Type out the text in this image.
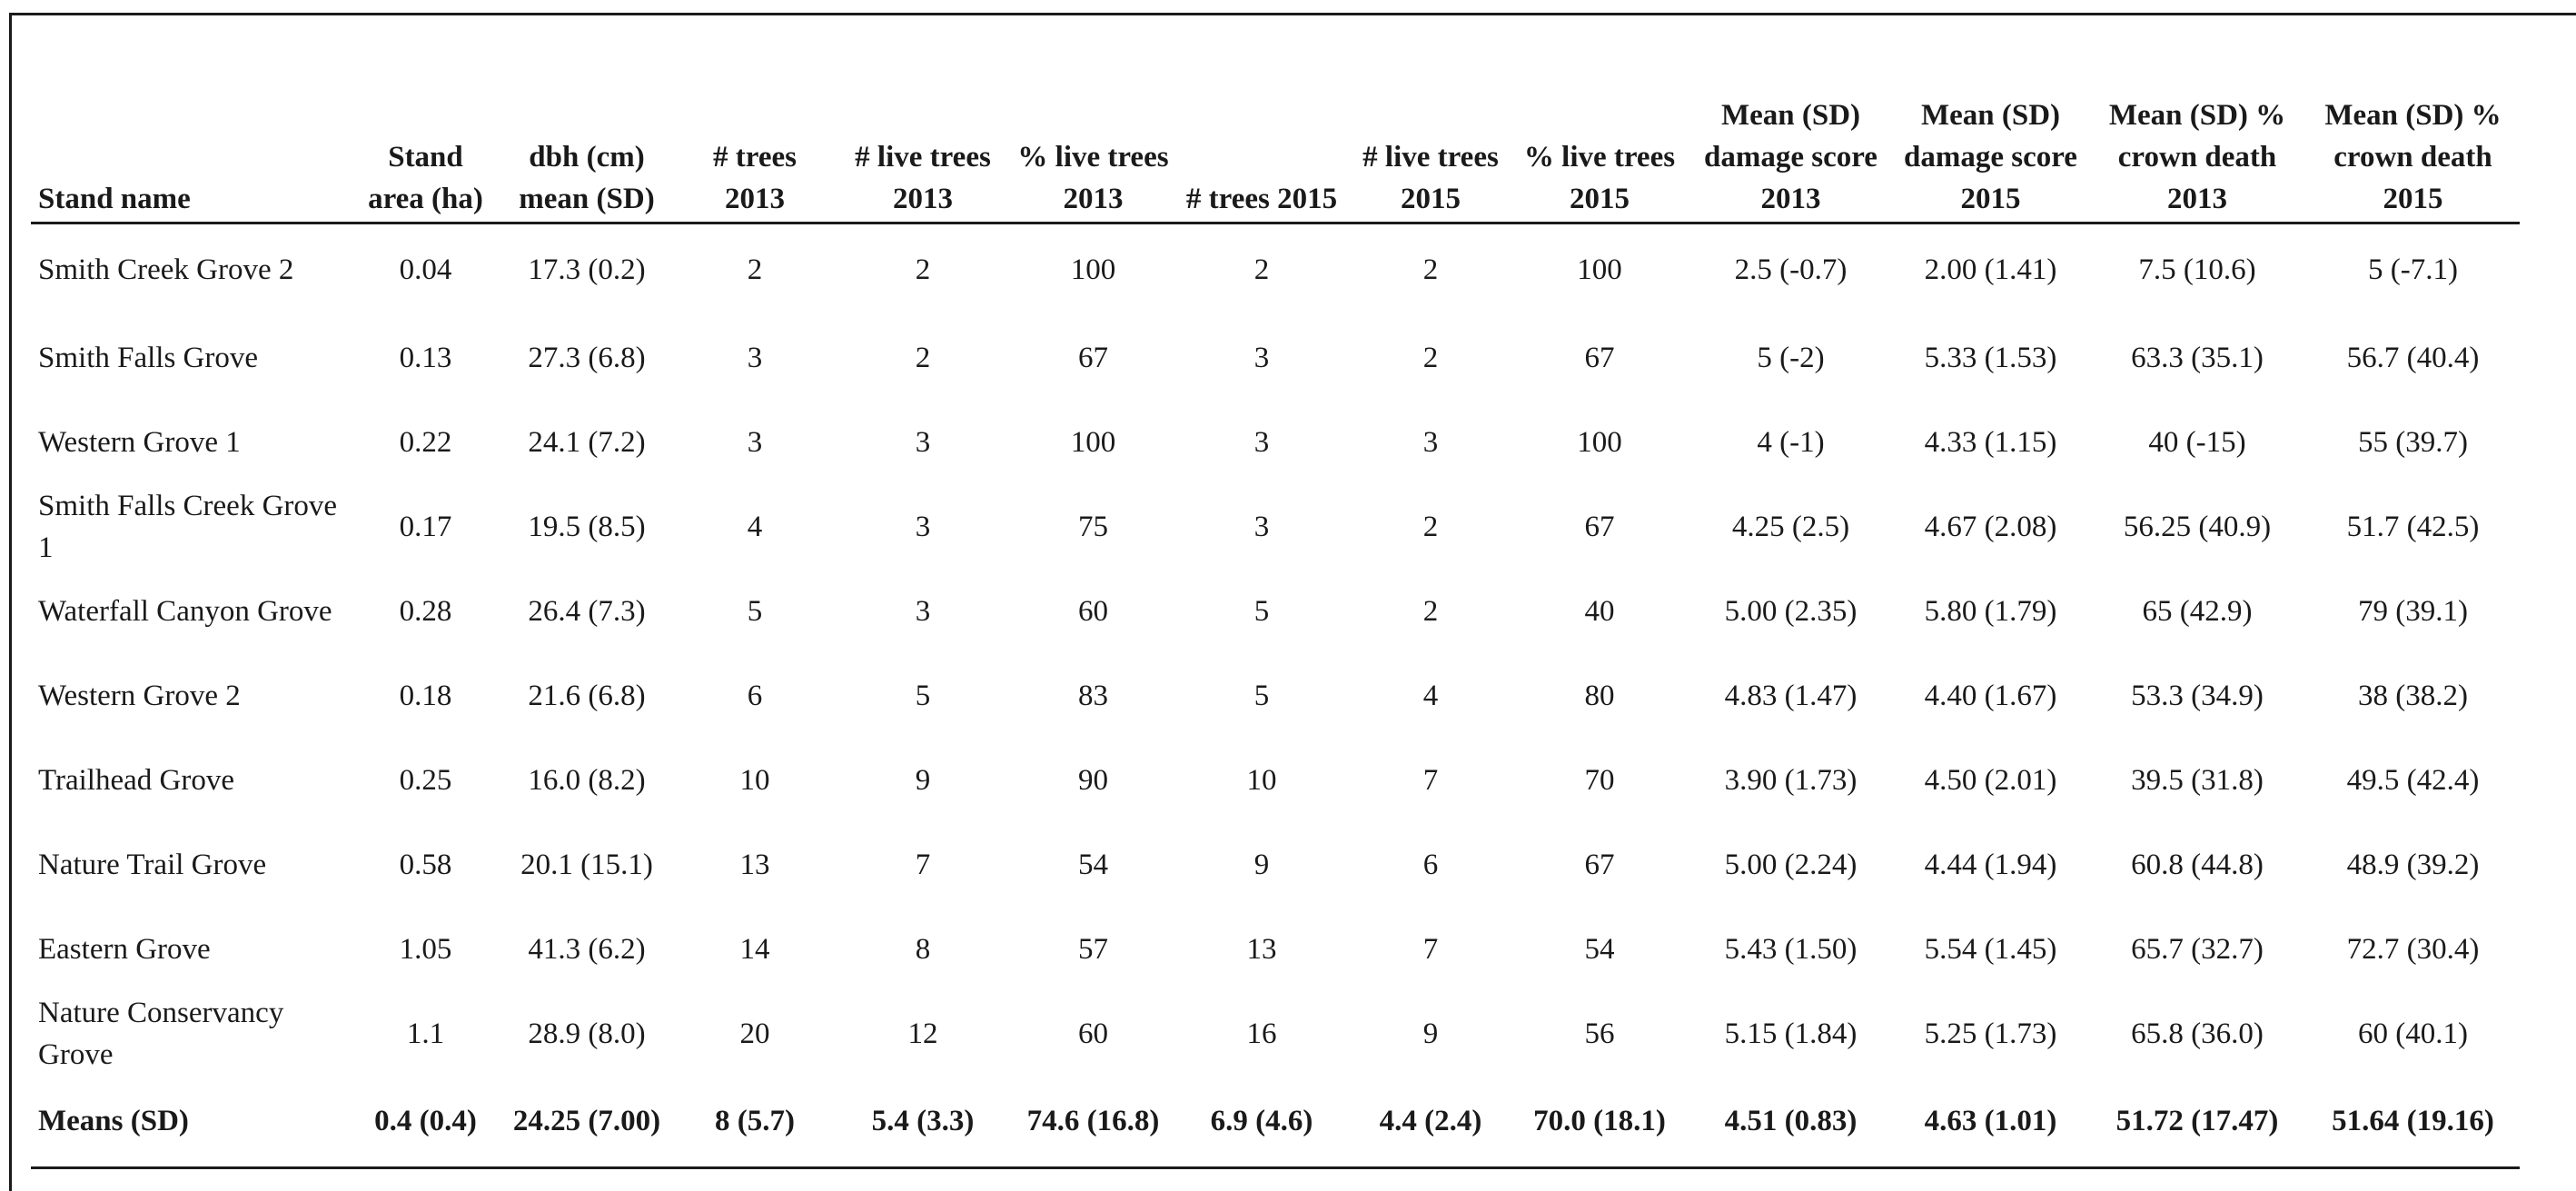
Stand name	Stand area (ha)	dbh (cm) mean (SD)	# trees 2013	# live trees 2013	% live trees 2013	# trees 2015	# live trees 2015	% live trees 2015	Mean (SD) damage score 2013	Mean (SD) damage score 2015	Mean (SD) % crown death 2013	Mean (SD) % crown death 2015
Smith Creek Grove 2	0.04	17.3 (0.2)	2	2	100	2	2	100	2.5 (-0.7)	2.00 (1.41)	7.5 (10.6)	5 (-7.1)
Smith Falls Grove	0.13	27.3 (6.8)	3	2	67	3	2	67	5 (-2)	5.33 (1.53)	63.3 (35.1)	56.7 (40.4)
Western Grove 1	0.22	24.1 (7.2)	3	3	100	3	3	100	4 (-1)	4.33 (1.15)	40 (-15)	55 (39.7)
Smith Falls Creek Grove 1	0.17	19.5 (8.5)	4	3	75	3	2	67	4.25 (2.5)	4.67 (2.08)	56.25 (40.9)	51.7 (42.5)
Waterfall Canyon Grove	0.28	26.4 (7.3)	5	3	60	5	2	40	5.00 (2.35)	5.80 (1.79)	65 (42.9)	79 (39.1)
Western Grove 2	0.18	21.6 (6.8)	6	5	83	5	4	80	4.83 (1.47)	4.40 (1.67)	53.3 (34.9)	38 (38.2)
Trailhead Grove	0.25	16.0 (8.2)	10	9	90	10	7	70	3.90 (1.73)	4.50 (2.01)	39.5 (31.8)	49.5 (42.4)
Nature Trail Grove	0.58	20.1 (15.1)	13	7	54	9	6	67	5.00 (2.24)	4.44 (1.94)	60.8 (44.8)	48.9 (39.2)
Eastern Grove	1.05	41.3 (6.2)	14	8	57	13	7	54	5.43 (1.50)	5.54 (1.45)	65.7 (32.7)	72.7 (30.4)
Nature Conservancy Grove	1.1	28.9 (8.0)	20	12	60	16	9	56	5.15 (1.84)	5.25 (1.73)	65.8 (36.0)	60 (40.1)
Means (SD)	0.4 (0.4)	24.25 (7.00)	8 (5.7)	5.4 (3.3)	74.6 (16.8)	6.9 (4.6)	4.4 (2.4)	70.0 (18.1)	4.51 (0.83)	4.63 (1.01)	51.72 (17.47)	51.64 (19.16)
